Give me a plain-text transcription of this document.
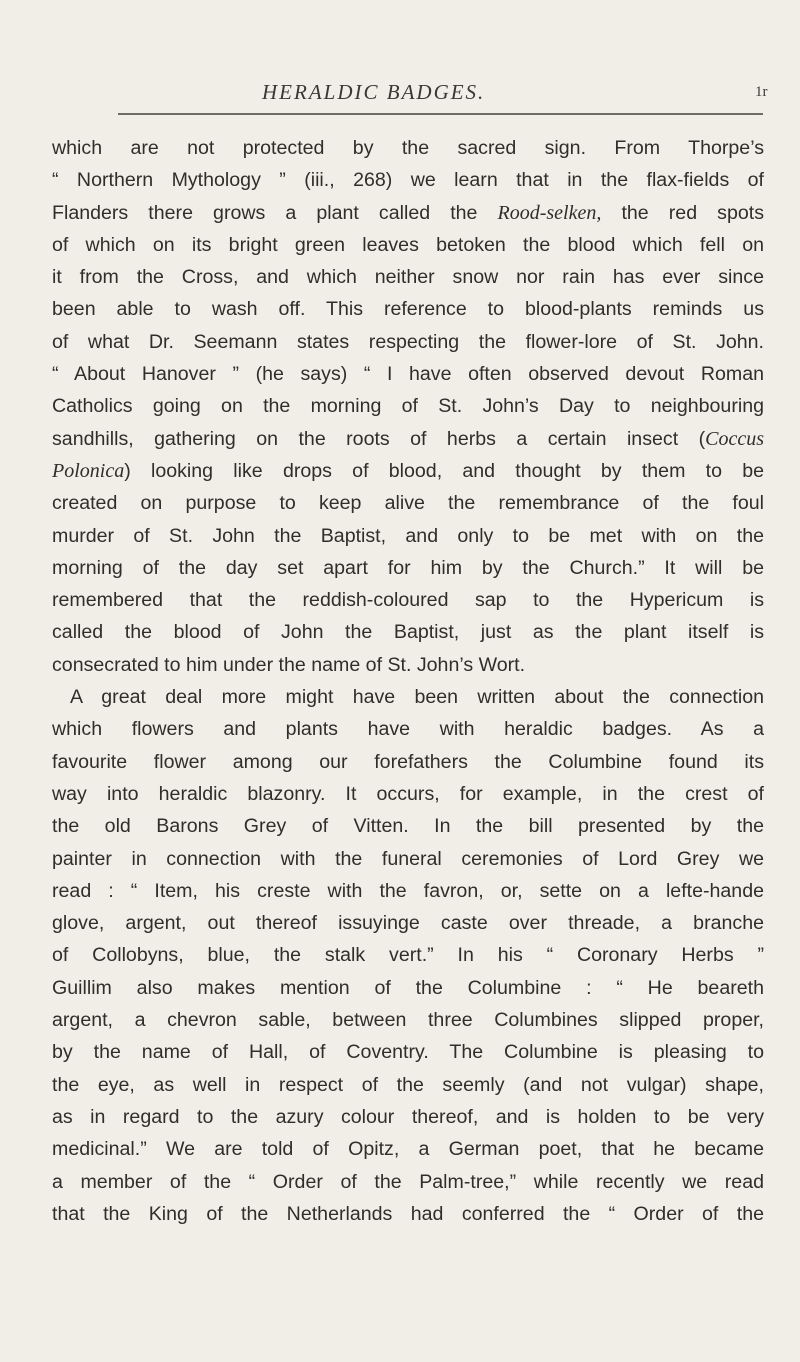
HERALDIC BADGES.	1r
which are not protected by the sacred sign. From Thorpe’s
“ Northern Mythology ” (iii., 268) we learn that in the flax-fields of
Flanders there grows a plant called the Rood-selken, the red spots
of which on its bright green leaves betoken the blood which fell on
it from the Cross, and which neither snow nor rain has ever since
been able to wash off. This reference to blood-plants reminds us
of what Dr. Seemann states respecting the flower-lore of St. John.
“ About Hanover ” (he says) “ I have often observed devout Roman
Catholics going on the morning of St. John’s Day to neighbouring
sandhills, gathering on the roots of herbs a certain insect (Coccus
Polonica) looking like drops of blood, and thought by them to be
created on purpose to keep alive the remembrance of the foul
murder of St. John the Baptist, and only to be met with on the
morning of the day set apart for him by the Church.” It will be
remembered that the reddish-coloured sap to the Hypericum is
called the blood of John the Baptist, just as the plant itself is
consecrated to him under the name of St. John’s Wort.
A great deal more might have been written about the connection
which flowers and plants have with heraldic badges. As a
favourite flower among our forefathers the Columbine found its
way into heraldic blazonry. It occurs, for example, in the crest of
the old Barons Grey of Vitten. In the bill presented by the
painter in connection with the funeral ceremonies of Lord Grey we
read : “ Item, his creste with the favron, or, sette on a lefte-hande
glove, argent, out thereof issuyinge caste over threade, a branche
of Collobyns, blue, the stalk vert.” In his “ Coronary Herbs ”
Guillim also makes mention of the Columbine : “ He beareth
argent, a chevron sable, between three Columbines slipped proper,
by the name of Hall, of Coventry. The Columbine is pleasing to
the eye, as well in respect of the seemly (and not vulgar) shape,
as in regard to the azury colour thereof, and is holden to be very
medicinal.” We are told of Opitz, a German poet, that he became
a member of the “ Order of the Palm-tree,” while recently we read
that the King of the Netherlands had conferred the “ Order of the
